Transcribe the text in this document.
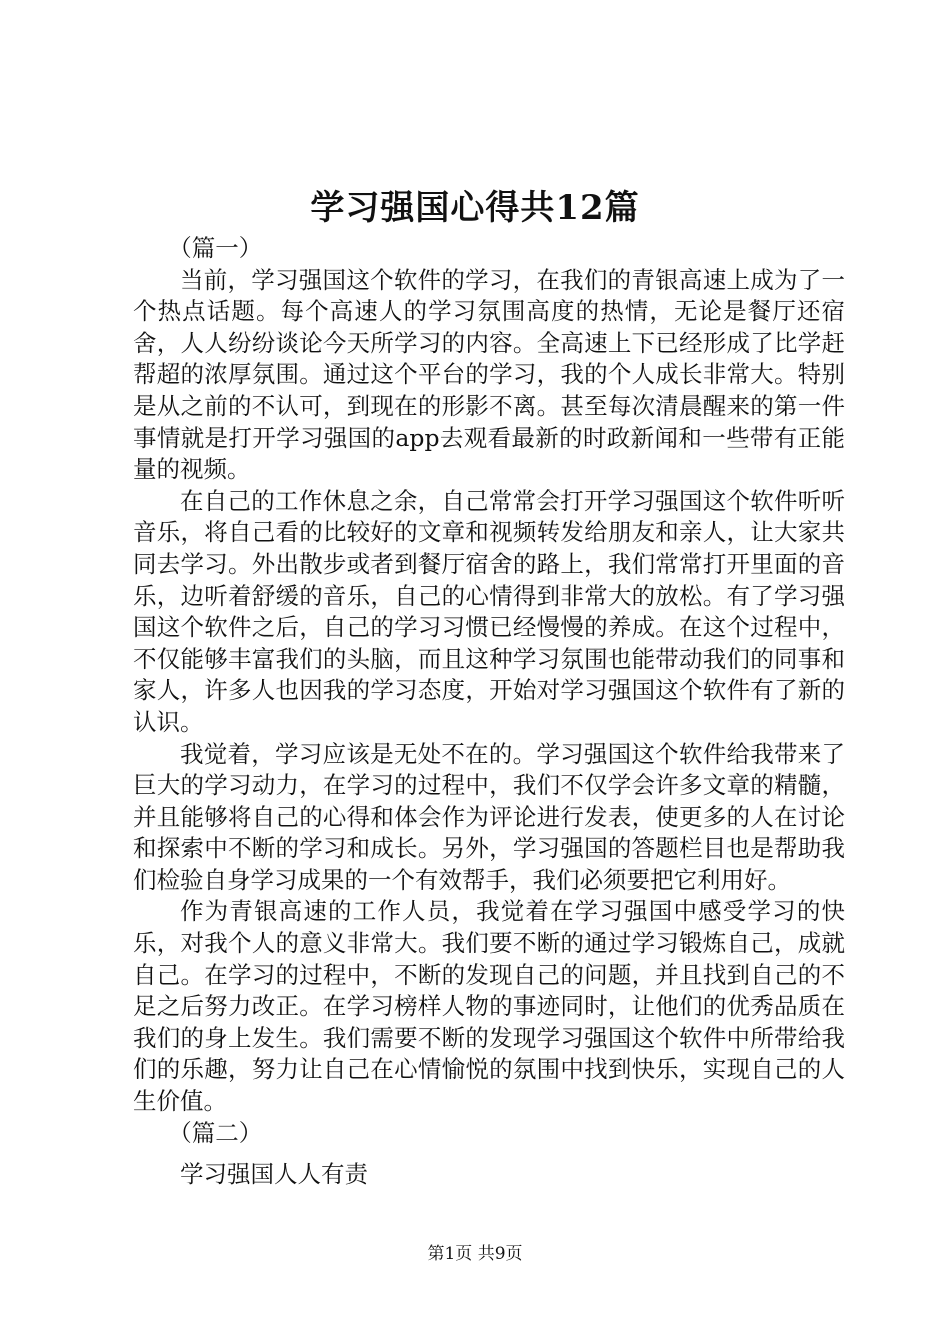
学习强国心得共12篇

（篇一）

当前，学习强国这个软件的学习，在我们的青银高速上成为了一个热点话题。每个高速人的学习氛围高度的热情，无论是餐厅还宿舍，人人纷纷谈论今天所学习的内容。全高速上下已经形成了比学赶帮超的浓厚氛围。通过这个平台的学习，我的个人成长非常大。特别是从之前的不认可，到现在的形影不离。甚至每次清晨醒来的第一件事情就是打开学习强国的app去观看最新的时政新闻和一些带有正能量的视频。

在自己的工作休息之余，自己常常会打开学习强国这个软件听听音乐，将自己看的比较好的文章和视频转发给朋友和亲人，让大家共同去学习。外出散步或者到餐厅宿舍的路上，我们常常打开里面的音乐，边听着舒缓的音乐，自己的心情得到非常大的放松。有了学习强国这个软件之后，自己的学习习惯已经慢慢的养成。在这个过程中，不仅能够丰富我们的头脑，而且这种学习氛围也能带动我们的同事和家人，许多人也因我的学习态度，开始对学习强国这个软件有了新的认识。

我觉着，学习应该是无处不在的。学习强国这个软件给我带来了巨大的学习动力，在学习的过程中，我们不仅学会许多文章的精髓，并且能够将自己的心得和体会作为评论进行发表，使更多的人在讨论和探索中不断的学习和成长。另外，学习强国的答题栏目也是帮助我们检验自身学习成果的一个有效帮手，我们必须要把它利用好。

作为青银高速的工作人员，我觉着在学习强国中感受学习的快乐，对我个人的意义非常大。我们要不断的通过学习锻炼自己，成就自己。在学习的过程中，不断的发现自己的问题，并且找到自己的不足之后努力改正。在学习榜样人物的事迹同时，让他们的优秀品质在我们的身上发生。我们需要不断的发现学习强国这个软件中所带给我们的乐趣，努力让自己在心情愉悦的氛围中找到快乐，实现自己的人生价值。

（篇二）

学习强国人人有责

第1页 共9页
